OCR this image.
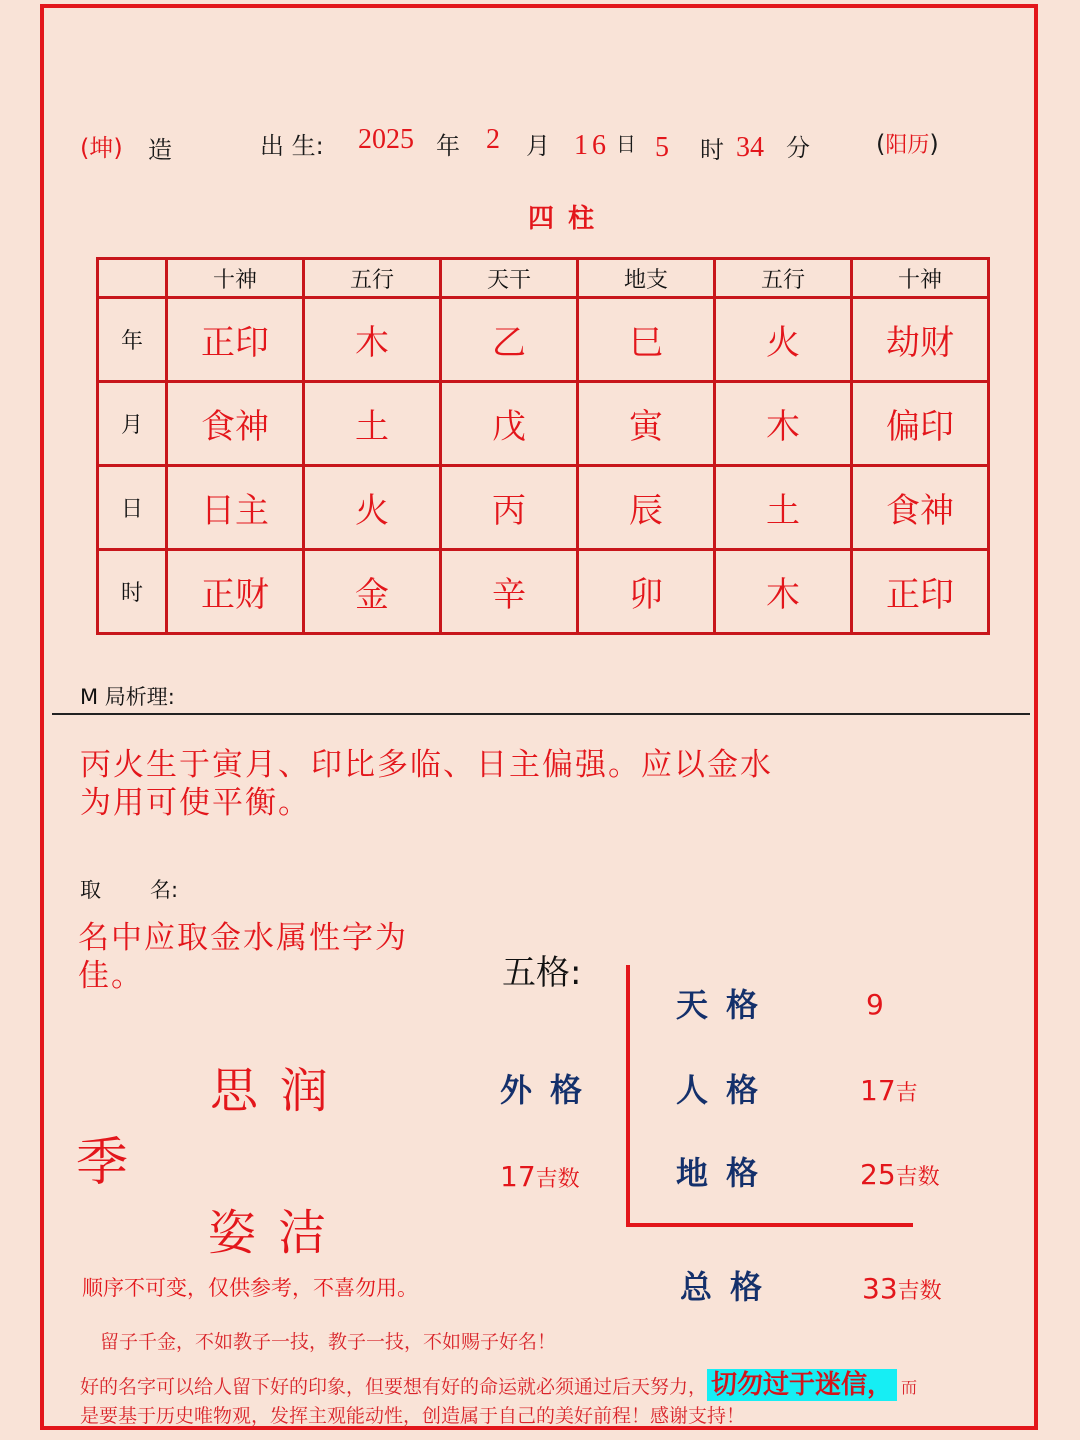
(坤) 造	出 生: 2025 年 2 月 16 日 5 时 34 分	(阳历)
四柱
	十神	五行	天干	地支	五行	十神
年	正印	木	乙	巳	火	劫财
月	食神	土	戊	寅	木	偏印
日	日主	火	丙	辰	土	食神
时	正财	金	辛	卯	木	正印
M 局析理:
丙火生于寅月、印比多临、日主偏强。应以金水
为用可使平衡。
取 名:
名中应取金水属性字为
佳。
思润
季
姿洁
顺序不可变，仅供参考，不喜勿用。
五格:
外格
17吉数
天格	9
人格	17吉
地格	25吉数
总格	33吉数
留子千金，不如教子一技，教子一技，不如赐子好名！
好的名字可以给人留下好的印象，但要想有好的命运就必须通过后天努力， 切勿过于迷信， 而
是要基于历史唯物观，发挥主观能动性，创造属于自己的美好前程！感谢支持！
